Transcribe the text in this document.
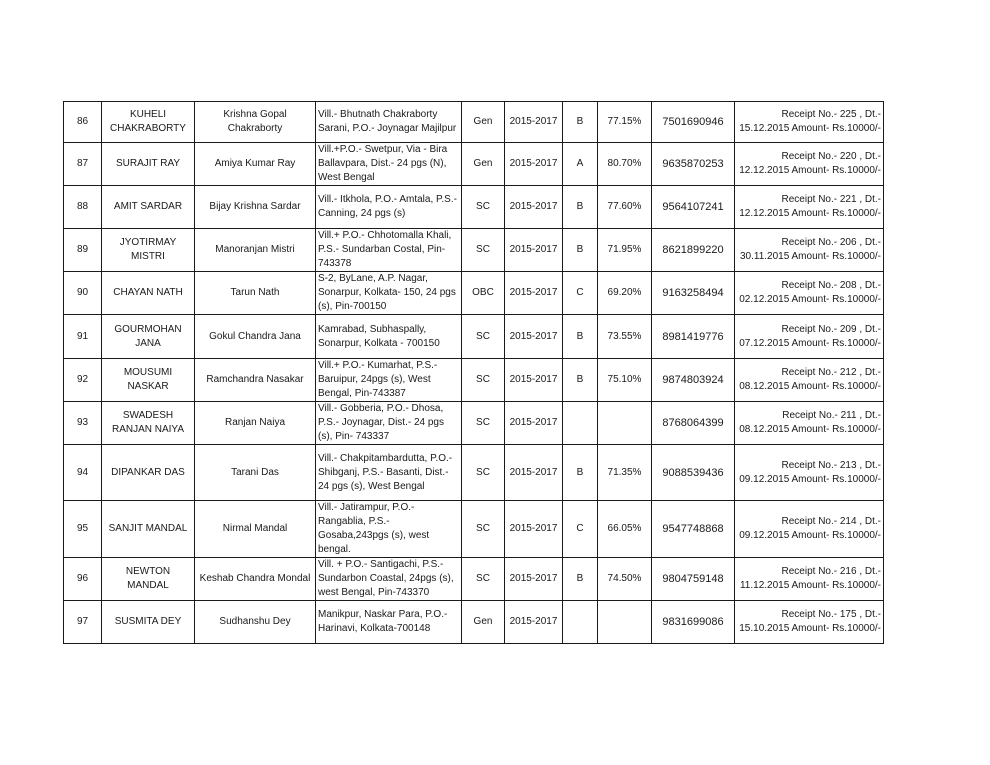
86	KUHELI CHAKRABORTY	Krishna Gopal Chakraborty	Vill.- Bhutnath Chakraborty Sarani, P.O.- Joynagar Majilpur	Gen	2015-2017	B	77.15%	7501690946	Receipt No.- 225 , Dt.- 15.12.2015 Amount- Rs.10000/-
87	SURAJIT RAY	Amiya Kumar Ray	Vill.+P.O.- Swetpur, Via - Bira Ballavpara, Dist.- 24 pgs (N), West Bengal	Gen	2015-2017	A	80.70%	9635870253	Receipt No.- 220 , Dt.- 12.12.2015 Amount- Rs.10000/-
88	AMIT SARDAR	Bijay Krishna Sardar	Vill.- Itkhola, P.O.- Amtala, P.S.- Canning, 24 pgs (s)	SC	2015-2017	B	77.60%	9564107241	Receipt No.- 221 , Dt.- 12.12.2015 Amount- Rs.10000/-
89	JYOTIRMAY MISTRI	Manoranjan Mistri	Vill.+ P.O.- Chhotomalla Khali, P.S.- Sundarban Costal, Pin- 743378	SC	2015-2017	B	71.95%	8621899220	Receipt No.- 206 , Dt.- 30.11.2015 Amount- Rs.10000/-
90	CHAYAN NATH	Tarun Nath	S-2, ByLane, A.P. Nagar, Sonarpur, Kolkata- 150, 24 pgs (s), Pin-700150	OBC	2015-2017	C	69.20%	9163258494	Receipt No.- 208 , Dt.- 02.12.2015 Amount- Rs.10000/-
91	GOURMOHAN JANA	Gokul Chandra Jana	Kamrabad, Subhaspally, Sonarpur, Kolkata - 700150	SC	2015-2017	B	73.55%	8981419776	Receipt No.- 209 , Dt.- 07.12.2015 Amount- Rs.10000/-
92	MOUSUMI NASKAR	Ramchandra Nasakar	Vill.+ P.O.- Kumarhat, P.S.- Baruipur, 24pgs (s), West Bengal, Pin-743387	SC	2015-2017	B	75.10%	9874803924	Receipt No.- 212 , Dt.- 08.12.2015 Amount- Rs.10000/-
93	SWADESH RANJAN NAIYA	Ranjan Naiya	Vill.- Gobberia, P.O.- Dhosa, P.S.- Joynagar, Dist.- 24 pgs (s), Pin- 743337	SC	2015-2017			8768064399	Receipt No.- 211 , Dt.- 08.12.2015 Amount- Rs.10000/-
94	DIPANKAR DAS	Tarani Das	Vill.- Chakpitambardutta, P.O.- Shibganj, P.S.- Basanti, Dist.- 24 pgs (s), West Bengal	SC	2015-2017	B	71.35%	9088539436	Receipt No.- 213 , Dt.- 09.12.2015 Amount- Rs.10000/-
95	SANJIT MANDAL	Nirmal Mandal	Vill.- Jatirampur, P.O.- Rangablia, P.S.- Gosaba,243pgs (s), west bengal.	SC	2015-2017	C	66.05%	9547748868	Receipt No.- 214 , Dt.- 09.12.2015 Amount- Rs.10000/-
96	NEWTON MANDAL	Keshab Chandra Mondal	Vill. + P.O.- Santigachi, P.S.- Sundarbon Coastal, 24pgs (s), west Bengal, Pin-743370	SC	2015-2017	B	74.50%	9804759148	Receipt No.- 216 , Dt.- 11.12.2015 Amount- Rs.10000/-
97	SUSMITA DEY	Sudhanshu Dey	Manikpur, Naskar Para, P.O.- Harinavi, Kolkata-700148	Gen	2015-2017			9831699086	Receipt No.- 175 , Dt.- 15.10.2015 Amount- Rs.10000/-
